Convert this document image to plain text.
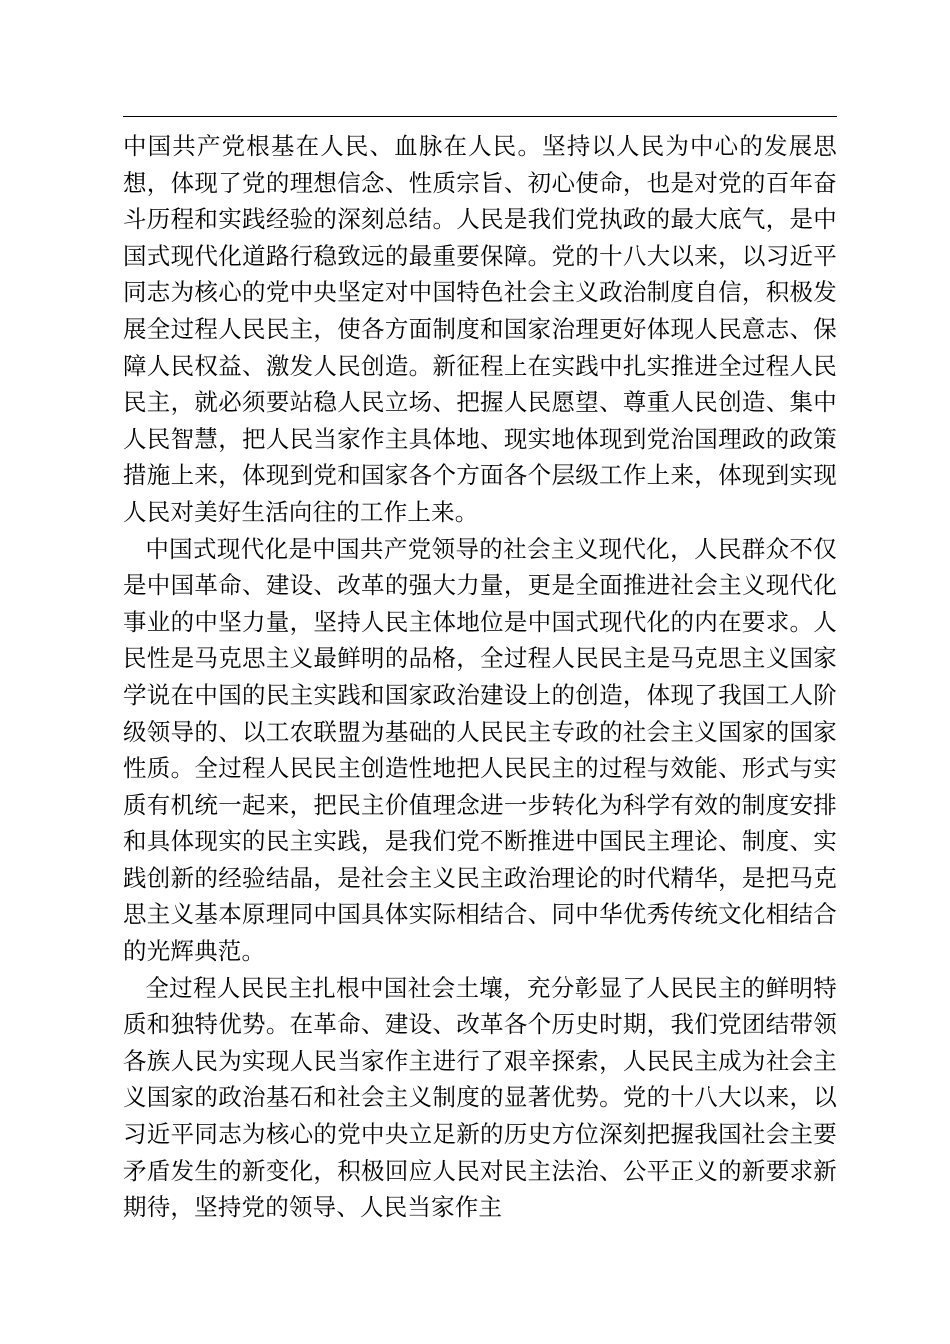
中国共产党根基在人民、血脉在人民。坚持以人民为中心的发展思想，体现了党的理想信念、性质宗旨、初心使命，也是对党的百年奋斗历程和实践经验的深刻总结。人民是我们党执政的最大底气，是中国式现代化道路行稳致远的最重要保障。党的十八大以来，以习近平同志为核心的党中央坚定对中国特色社会主义政治制度自信，积极发展全过程人民民主，使各方面制度和国家治理更好体现人民意志、保障人民权益、激发人民创造。新征程上在实践中扎实推进全过程人民民主，就必须要站稳人民立场、把握人民愿望、尊重人民创造、集中人民智慧，把人民当家作主具体地、现实地体现到党治国理政的政策措施上来，体现到党和国家各个方面各个层级工作上来，体现到实现人民对美好生活向往的工作上来。

中国式现代化是中国共产党领导的社会主义现代化，人民群众不仅是中国革命、建设、改革的强大力量，更是全面推进社会主义现代化事业的中坚力量，坚持人民主体地位是中国式现代化的内在要求。人民性是马克思主义最鲜明的品格，全过程人民民主是马克思主义国家学说在中国的民主实践和国家政治建设上的创造，体现了我国工人阶级领导的、以工农联盟为基础的人民民主专政的社会主义国家的国家性质。全过程人民民主创造性地把人民民主的过程与效能、形式与实质有机统一起来，把民主价值理念进一步转化为科学有效的制度安排和具体现实的民主实践，是我们党不断推进中国民主理论、制度、实践创新的经验结晶，是社会主义民主政治理论的时代精华，是把马克思主义基本原理同中国具体实际相结合、同中华优秀传统文化相结合的光辉典范。

全过程人民民主扎根中国社会土壤，充分彰显了人民民主的鲜明特质和独特优势。在革命、建设、改革各个历史时期，我们党团结带领各族人民为实现人民当家作主进行了艰辛探索，人民民主成为社会主义国家的政治基石和社会主义制度的显著优势。党的十八大以来，以习近平同志为核心的党中央立足新的历史方位深刻把握我国社会主要矛盾发生的新变化，积极回应人民对民主法治、公平正义的新要求新期待，坚持党的领导、人民当家作主
